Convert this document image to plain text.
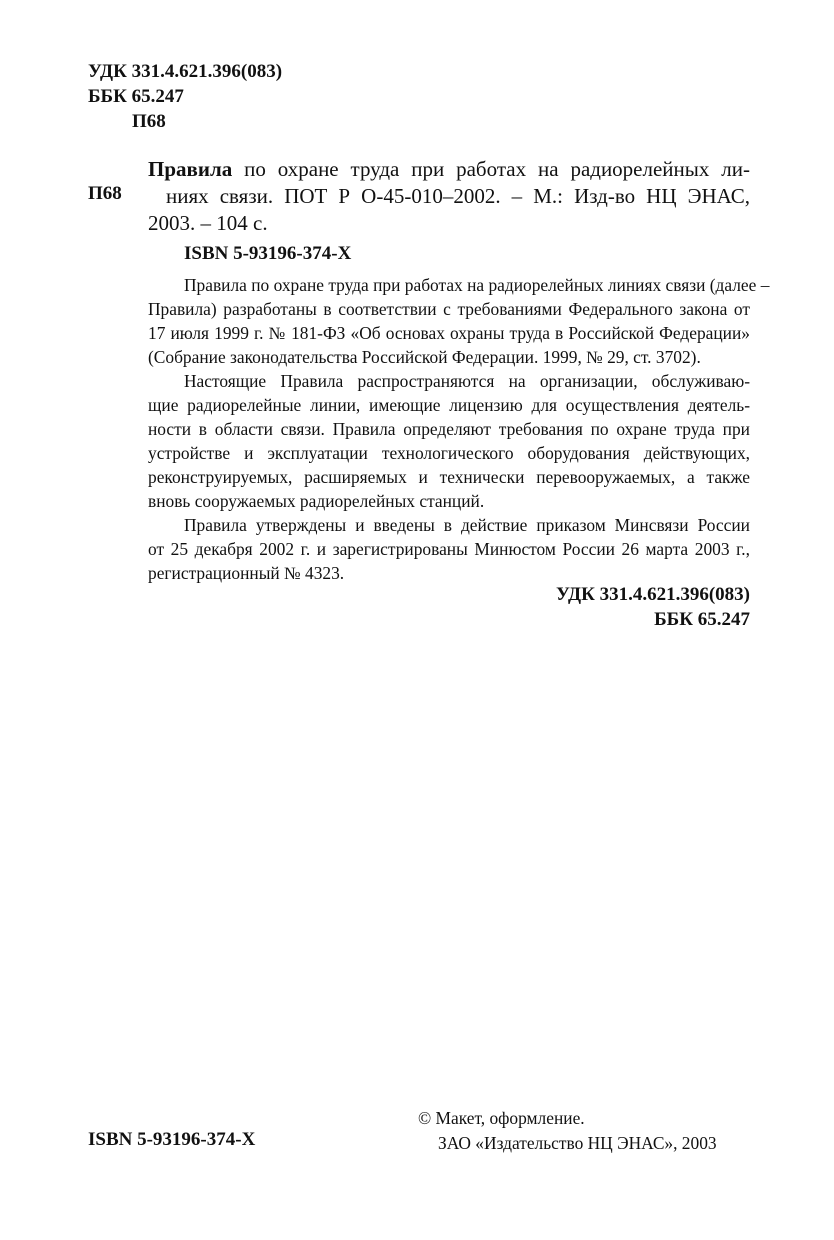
УДК 331.4.621.396(083)
ББК 65.247
П68
П68
Правила по охране труда при работах на радиорелейных ли-
ниях связи. ПОТ Р О-45-010–2002. – М.: Изд-во НЦ ЭНАС,
2003. – 104 с.
ISBN 5-93196-374-X
Правила по охране труда при работах на радиорелейных линиях связи (далее –
Правила) разработаны в соответствии с требованиями Федерального закона от
17 июля 1999 г. № 181-ФЗ «Об основах охраны труда в Российской Федерации»
(Собрание законодательства Российской Федерации. 1999, № 29, ст. 3702).
Настоящие Правила распространяются на организации, обслуживаю-
щие радиорелейные линии, имеющие лицензию для осуществления деятель-
ности в области связи. Правила определяют требования по охране труда при
устройстве и эксплуатации технологического оборудования действующих,
реконструируемых, расширяемых и технически перевооружаемых, а также
вновь сооружаемых радиорелейных станций.
Правила утверждены и введены в действие приказом Минсвязи России
от 25 декабря 2002 г. и зарегистрированы Минюстом России 26 марта 2003 г.,
регистрационный № 4323.
УДК 331.4.621.396(083)
ББК 65.247
ISBN 5-93196-374-X
© Макет, оформление.
ЗАО «Издательство НЦ ЭНАС», 2003
